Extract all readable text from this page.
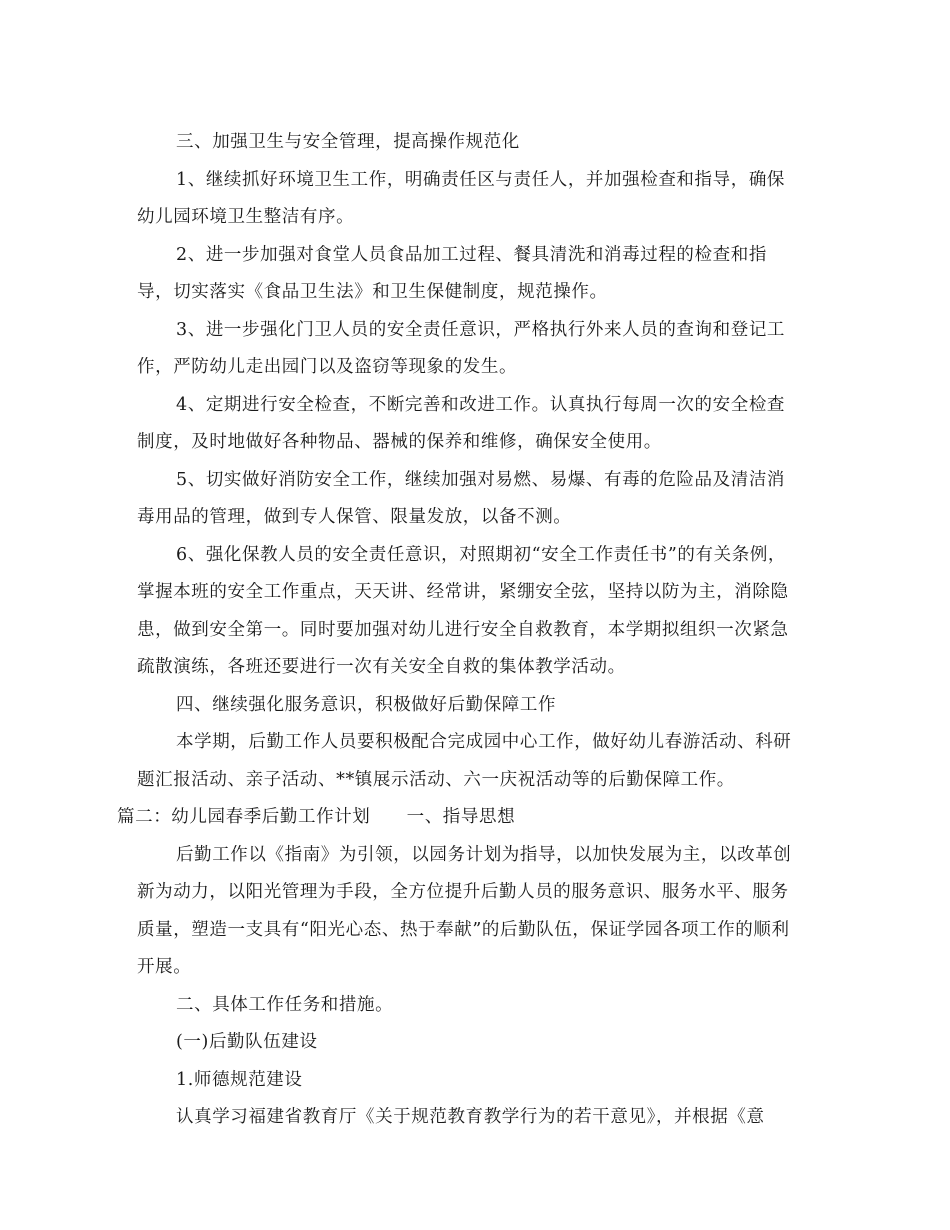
三、加强卫生与安全管理，提高操作规范化
1、继续抓好环境卫生工作，明确责任区与责任人，并加强检查和指导，确保
幼儿园环境卫生整洁有序。
2、进一步加强对食堂人员食品加工过程、餐具清洗和消毒过程的检查和指
导，切实落实《食品卫生法》和卫生保健制度，规范操作。
3、进一步强化门卫人员的安全责任意识，严格执行外来人员的查询和登记工
作，严防幼儿走出园门以及盗窃等现象的发生。
4、定期进行安全检查，不断完善和改进工作。认真执行每周一次的安全检查
制度，及时地做好各种物品、器械的保养和维修，确保安全使用。
5、切实做好消防安全工作，继续加强对易燃、易爆、有毒的危险品及清洁消
毒用品的管理，做到专人保管、限量发放，以备不测。
6、强化保教人员的安全责任意识，对照期初“安全工作责任书”的有关条例，
掌握本班的安全工作重点，天天讲、经常讲，紧绷安全弦，坚持以防为主，消除隐
患，做到安全第一。同时要加强对幼儿进行安全自救教育，本学期拟组织一次紧急
疏散演练，各班还要进行一次有关安全自救的集体教学活动。
四、继续强化服务意识，积极做好后勤保障工作
本学期，后勤工作人员要积极配合完成园中心工作，做好幼儿春游活动、科研
题汇报活动、亲子活动、**镇展示活动、六一庆祝活动等的后勤保障工作。
篇二：幼儿园春季后勤工作计划　　一、指导思想
后勤工作以《指南》为引领，以园务计划为指导，以加快发展为主，以改革创
新为动力，以阳光管理为手段，全方位提升后勤人员的服务意识、服务水平、服务
质量，塑造一支具有“阳光心态、热于奉献”的后勤队伍，保证学园各项工作的顺利
开展。
二、具体工作任务和措施。
(一)后勤队伍建设
1.师德规范建设
认真学习福建省教育厅《关于规范教育教学行为的若干意见》，并根据《意
